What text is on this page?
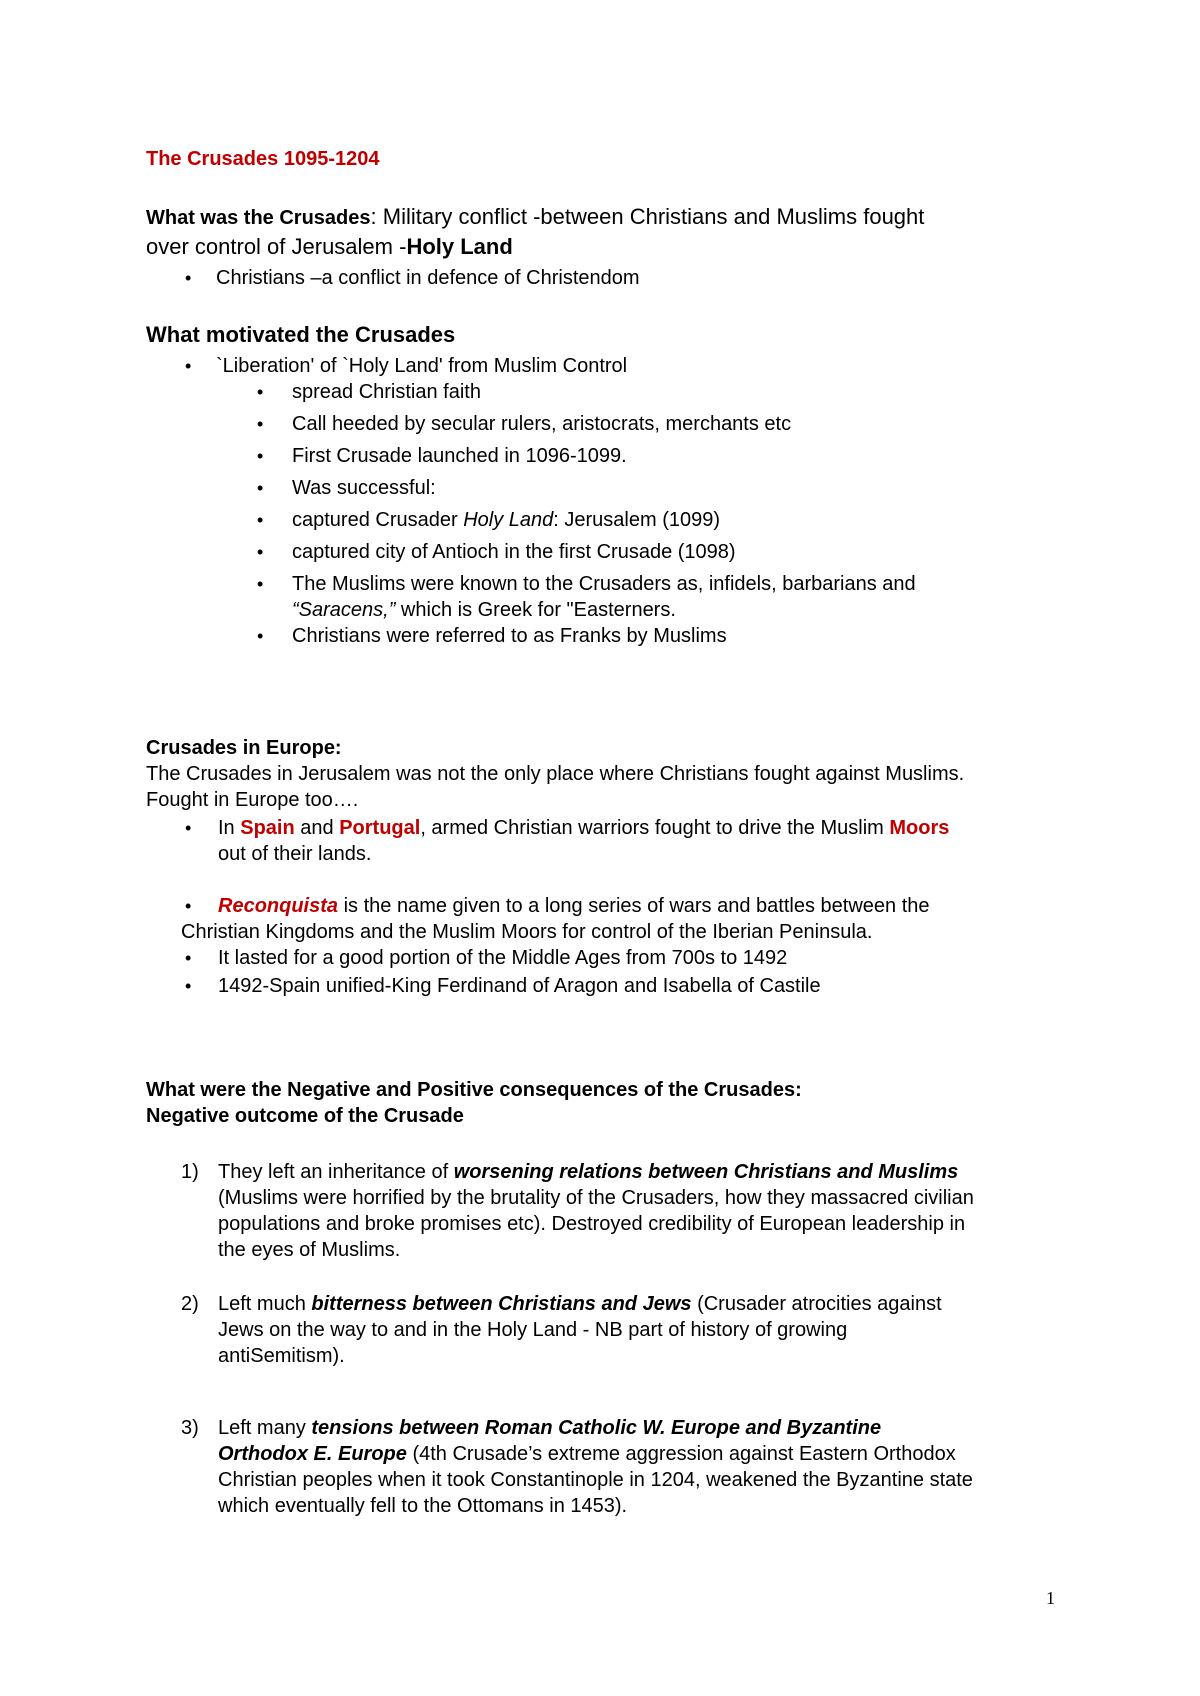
The Crusades 1095-1204
What was the Crusades: Military conflict -between Christians and Muslims fought
over control of Jerusalem -Holy Land
• Christians –a conflict in defence of Christendom
What motivated the Crusades
• `Liberation' of `Holy Land' from Muslim Control
• spread Christian faith
• Call heeded by secular rulers, aristocrats, merchants etc
• First Crusade launched in 1096-1099.
• Was successful:
• captured Crusader Holy Land: Jerusalem (1099)
• captured city of Antioch in the first Crusade (1098)
• The Muslims were known to the Crusaders as, infidels, barbarians and
“Saracens,” which is Greek for "Easterners.
• Christians were referred to as Franks by Muslims
Crusades in Europe:
The Crusades in Jerusalem was not the only place where Christians fought against Muslims.
Fought in Europe too….
• In Spain and Portugal, armed Christian warriors fought to drive the Muslim Moors
out of their lands.
• Reconquista is the name given to a long series of wars and battles between the
Christian Kingdoms and the Muslim Moors for control of the Iberian Peninsula.
• It lasted for a good portion of the Middle Ages from 700s to 1492
• 1492-Spain unified-King Ferdinand of Aragon and Isabella of Castile
What were the Negative and Positive consequences of the Crusades:
Negative outcome of the Crusade
1) They left an inheritance of worsening relations between Christians and Muslims
(Muslims were horrified by the brutality of the Crusaders, how they massacred civilian
populations and broke promises etc). Destroyed credibility of European leadership in
the eyes of Muslims.
2) Left much bitterness between Christians and Jews (Crusader atrocities against
Jews on the way to and in the Holy Land - NB part of history of growing
antiSemitism).
3) Left many tensions between Roman Catholic W. Europe and Byzantine
Orthodox E. Europe (4th Crusade’s extreme aggression against Eastern Orthodox
Christian peoples when it took Constantinople in 1204, weakened the Byzantine state
which eventually fell to the Ottomans in 1453).
1
